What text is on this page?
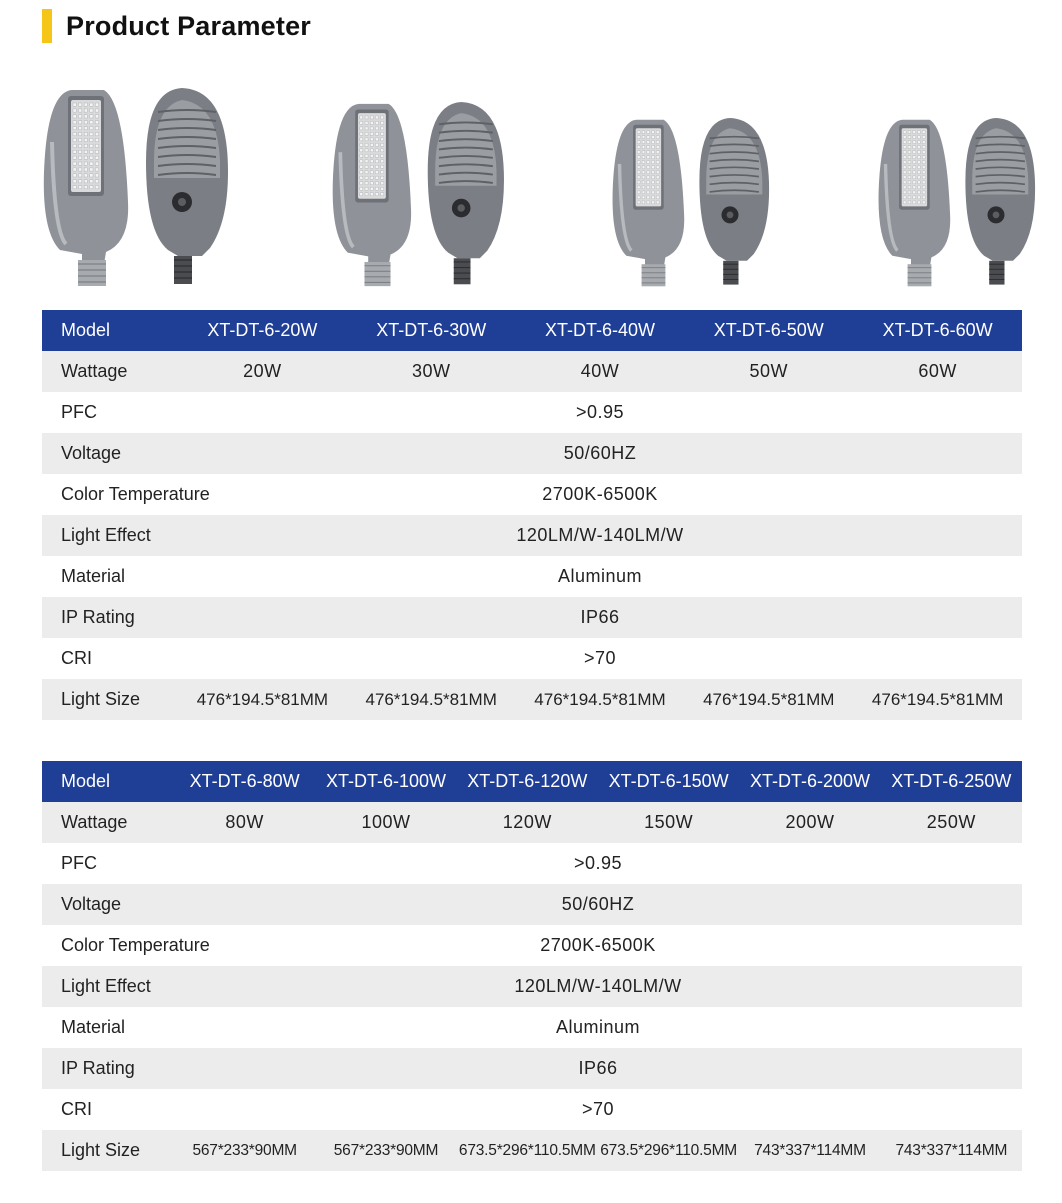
Product Parameter
Model	XT-DT-6-20W	XT-DT-6-30W	XT-DT-6-40W	XT-DT-6-50W	XT-DT-6-60W
Wattage	20W	30W	40W	50W	60W
PFC	>0.95				
Voltage	50/60HZ				
Color Temperature	2700K-6500K				
Light Effect	120LM/W-140LM/W				
Material	Aluminum				
IP Rating	IP66				
CRI	>70				
Light Size	476*194.5*81MM	476*194.5*81MM	476*194.5*81MM	476*194.5*81MM	476*194.5*81MM
Model	XT-DT-6-80W	XT-DT-6-100W	XT-DT-6-120W	XT-DT-6-150W	XT-DT-6-200W	XT-DT-6-250W
Wattage	80W	100W	120W	150W	200W	250W
PFC	>0.95					
Voltage	50/60HZ					
Color Temperature	2700K-6500K					
Light Effect	120LM/W-140LM/W					
Material	Aluminum					
IP Rating	IP66					
CRI	>70					
Light Size	567*233*90MM	567*233*90MM	673.5*296*110.5MM	673.5*296*110.5MM	743*337*114MM	743*337*114MM
